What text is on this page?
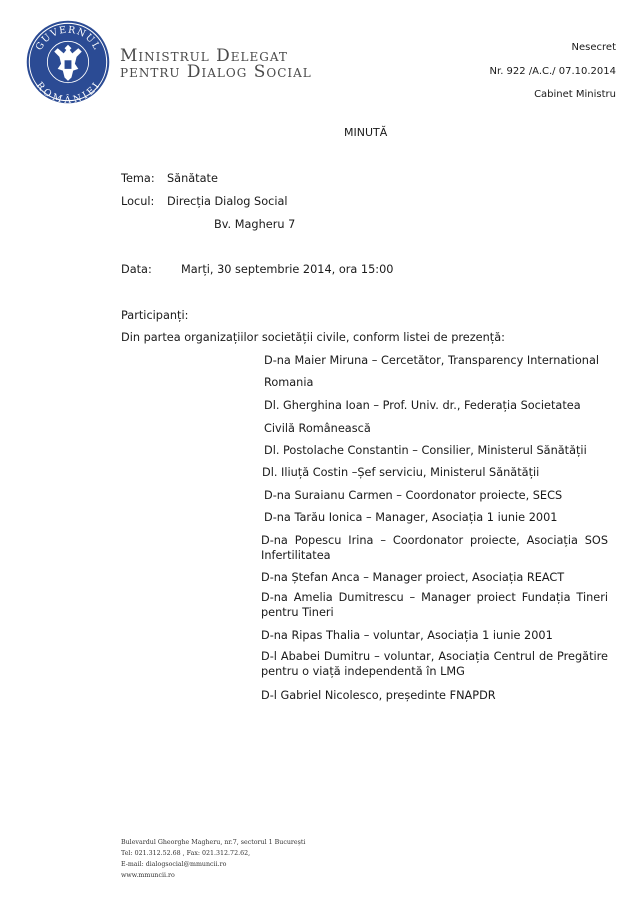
GUVERNUL
ROMÂNIEI
Ministrul Delegat
pentru Dialog Social
Nesecret
Nr. 922 /A.C./ 07.10.2014
Cabinet Ministru
MINUTĂ
Tema: Sănătate
Locul: Direcția Dialog Social
Bv. Magheru 7
Data:	Marți, 30 septembrie 2014, ora 15:00
Participanți:
Din partea organizațiilor societății civile, conform listei de prezență:
D-na Maier Miruna – Cercetător, Transparency International
Romania
Dl. Gherghina Ioan – Prof. Univ. dr., Federația Societatea
Civilă Românească
Dl. Postolache Constantin – Consilier, Ministerul Sănătății
Dl. Iliuță Costin –Șef serviciu, Ministerul Sănătății
D-na Suraianu Carmen – Coordonator proiecte, SECS
D-na Tarău Ionica – Manager, Asociația 1 iunie 2001
D-na Popescu Irina – Coordonator proiecte, Asociația SOS Infertilitatea
D-na Ștefan Anca – Manager proiect, Asociația REACT
D-na Amelia Dumitrescu – Manager proiect Fundația Tineri pentru Tineri
D-na Ripas Thalia – voluntar, Asociația 1 iunie 2001
D-l Ababei Dumitru – voluntar, Asociația Centrul de Pregătire pentru o viață independentă în LMG
D-l Gabriel Nicolesco, președinte FNAPDR
Bulevardul Gheorghe Magheru, nr.7, sectorul 1 București
Tel: 021.312.52.68 , Fax: 021.312.72.62,
E-mail: dialogsocial@mmuncii.ro
www.mmuncii.ro
